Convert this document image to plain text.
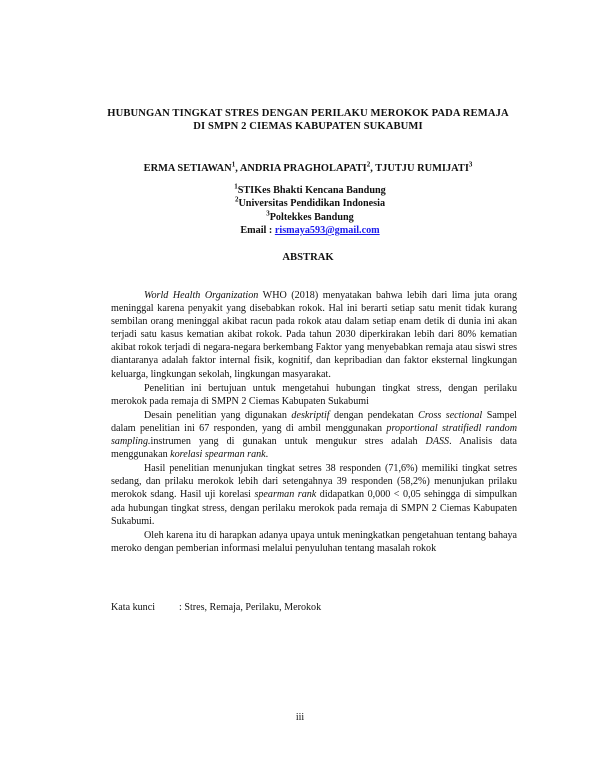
HUBUNGAN TINGKAT STRES DENGAN PERILAKU MEROKOK PADA REMAJA
DI SMPN 2 CIEMAS KABUPATEN SUKABUMI
ERMA SETIAWAN$^1$, ANDRIA PRAGHOLAPATI$^2$, TJUTJU RUMIJATI$^3$
$^1$STIKes Bhakti Kencana Bandung
$^2$Universitas Pendidikan Indonesia
$^3$Poltekkes Bandung
Email : rismaya593@gmail.com
ABSTRAK

World Health Organization WHO (2018) menyatakan bahwa lebih dari lima juta orang meninggal karena penyakit yang disebabkan rokok. Hal ini berarti setiap satu menit tidak kurang sembilan orang meninggal akibat racun pada rokok atau dalam setiap enam detik di dunia ini akan terjadi satu kasus kematian akibat rokok. Pada tahun 2030 diperkirakan lebih dari 80% kematian akibat rokok terjadi di negara-negara berkembang Faktor yang menyebabkan remaja atau siswi stres diantaranya adalah faktor internal fisik, kognitif, dan kepribadian dan faktor eksternal lingkungan keluarga, lingkungan sekolah, lingkungan masyarakat.

Penelitian ini bertujuan untuk mengetahui hubungan tingkat stress, dengan perilaku merokok pada remaja di SMPN 2 Ciemas Kabupaten Sukabumi

Desain penelitian yang digunakan deskriptif dengan pendekatan Cross sectional Sampel dalam penelitian ini 67 responden, yang di ambil menggunakan proportional stratifiedl random sampling.instrumen yang di gunakan untuk mengukur stres adalah DASS. Analisis data menggunakan korelasi spearman rank.

Hasil penelitian menunjukan tingkat setres 38 responden (71,6%) memiliki tingkat setres sedang, dan prilaku merokok lebih dari setengahnya 39 responden (58,2%) menunjukan prilaku merokok sdang. Hasil uji korelasi spearman rank didapatkan 0,000 < 0,05 sehingga di simpulkan ada hubungan tingkat stress, dengan perilaku merokok pada remaja di SMPN 2 Ciemas Kabupaten Sukabumi.

Oleh karena itu di harapkan adanya upaya untuk meningkatkan pengetahuan tentang bahaya meroko dengan pemberian informasi melalui penyuluhan tentang masalah rokok

Kata kunci : Stres, Remaja, Perilaku, Merokok
iii
